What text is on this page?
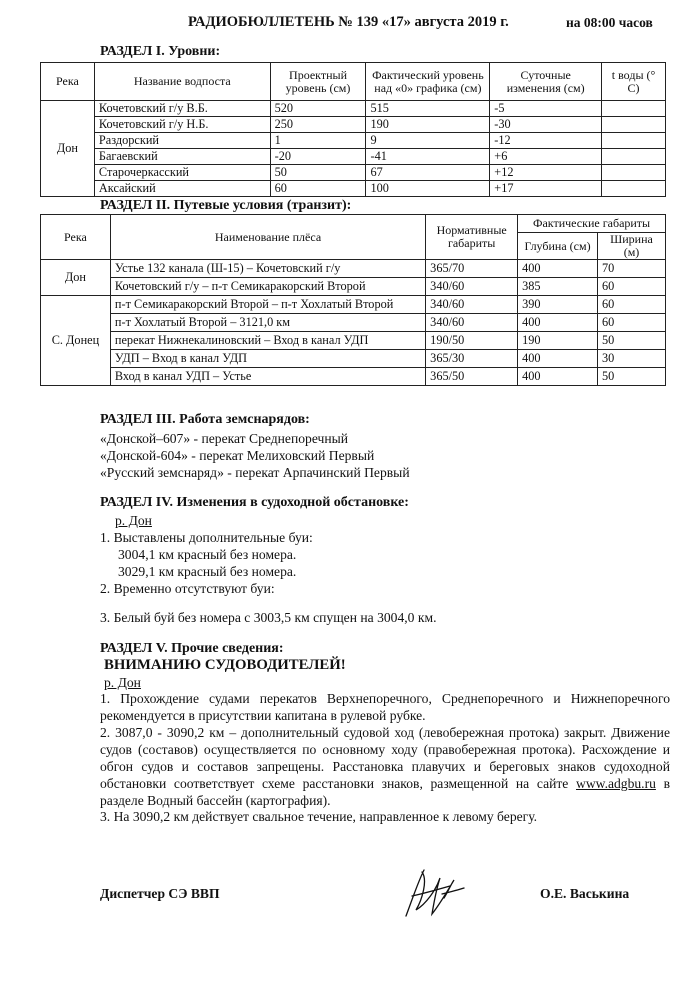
РАДИОБЮЛЛЕТЕНЬ № 139 «17» августа 2019 г.	на 08:00 часов
РАЗДЕЛ I. Уровни:
Река	Название водпоста	Проектный уровень (см)	Фактический уровень над «0» графика (см)	Суточные изменения (см)	t воды (° С)
Дон	Кочетовский г/у В.Б.	520	515	-5	
	Кочетовский г/у Н.Б.	250	190	-30	
	Раздорский	1	9	-12	
	Багаевский	-20	-41	+6	
	Старочеркасский	50	67	+12	
	Аксайский	60	100	+17	
РАЗДЕЛ II. Путевые условия (транзит):
Река	Наименование плёса	Нормативные габариты	Фактические габариты	
			Глубина (см)	Ширина (м)
Дон	Устье 132 канала (Ш-15) – Кочетовский г/у	365/70	400	70
	Кочетовский г/у – п-т Семикаракорский Второй	340/60	385	60
С. Донец	п-т Семикаракорский Второй – п-т Хохлатый Второй	340/60	390	60
	п-т Хохлатый Второй – 3121,0 км	340/60	400	60
	перекат Нижнекалиновский – Вход в канал УДП	190/50	190	50
	УДП – Вход в канал УДП	365/30	400	30
	Вход в канал УДП – Устье	365/50	400	50
РАЗДЕЛ III. Работа земснарядов:
«Донской–607» - перекат Среднепоречный
«Донской-604» - перекат Мелиховский Первый
«Русский земснаряд» - перекат Арпачинский Первый
РАЗДЕЛ IV. Изменения в судоходной обстановке:
р. Дон
1. Выставлены дополнительные буи:
3004,1 км красный без номера.
3029,1 км красный без номера.
2. Временно отсутствуют буи:
3. Белый буй без номера с 3003,5 км спущен на 3004,0 км.
РАЗДЕЛ V. Прочие сведения:
ВНИМАНИЮ СУДОВОДИТЕЛЕЙ!
р. Дон
1. Прохождение судами перекатов Верхнепоречного, Среднепоречного и Нижнепоречного рекомендуется в присутствии капитана в рулевой рубке.
2. 3087,0 - 3090,2 км – дополнительный судовой ход (левобережная протока) закрыт. Движение судов (составов) осуществляется по основному ходу (правобережная протока). Расхождение и обгон судов и составов запрещены. Расстановка плавучих и береговых знаков судоходной обстановки соответствует схеме расстановки знаков, размещенной на сайте www.adgbu.ru в разделе Водный бассейн (картография).
3. На 3090,2 км действует свальное течение, направленное к левому берегу.
Диспетчер СЭ ВВП	О.Е. Васькина
